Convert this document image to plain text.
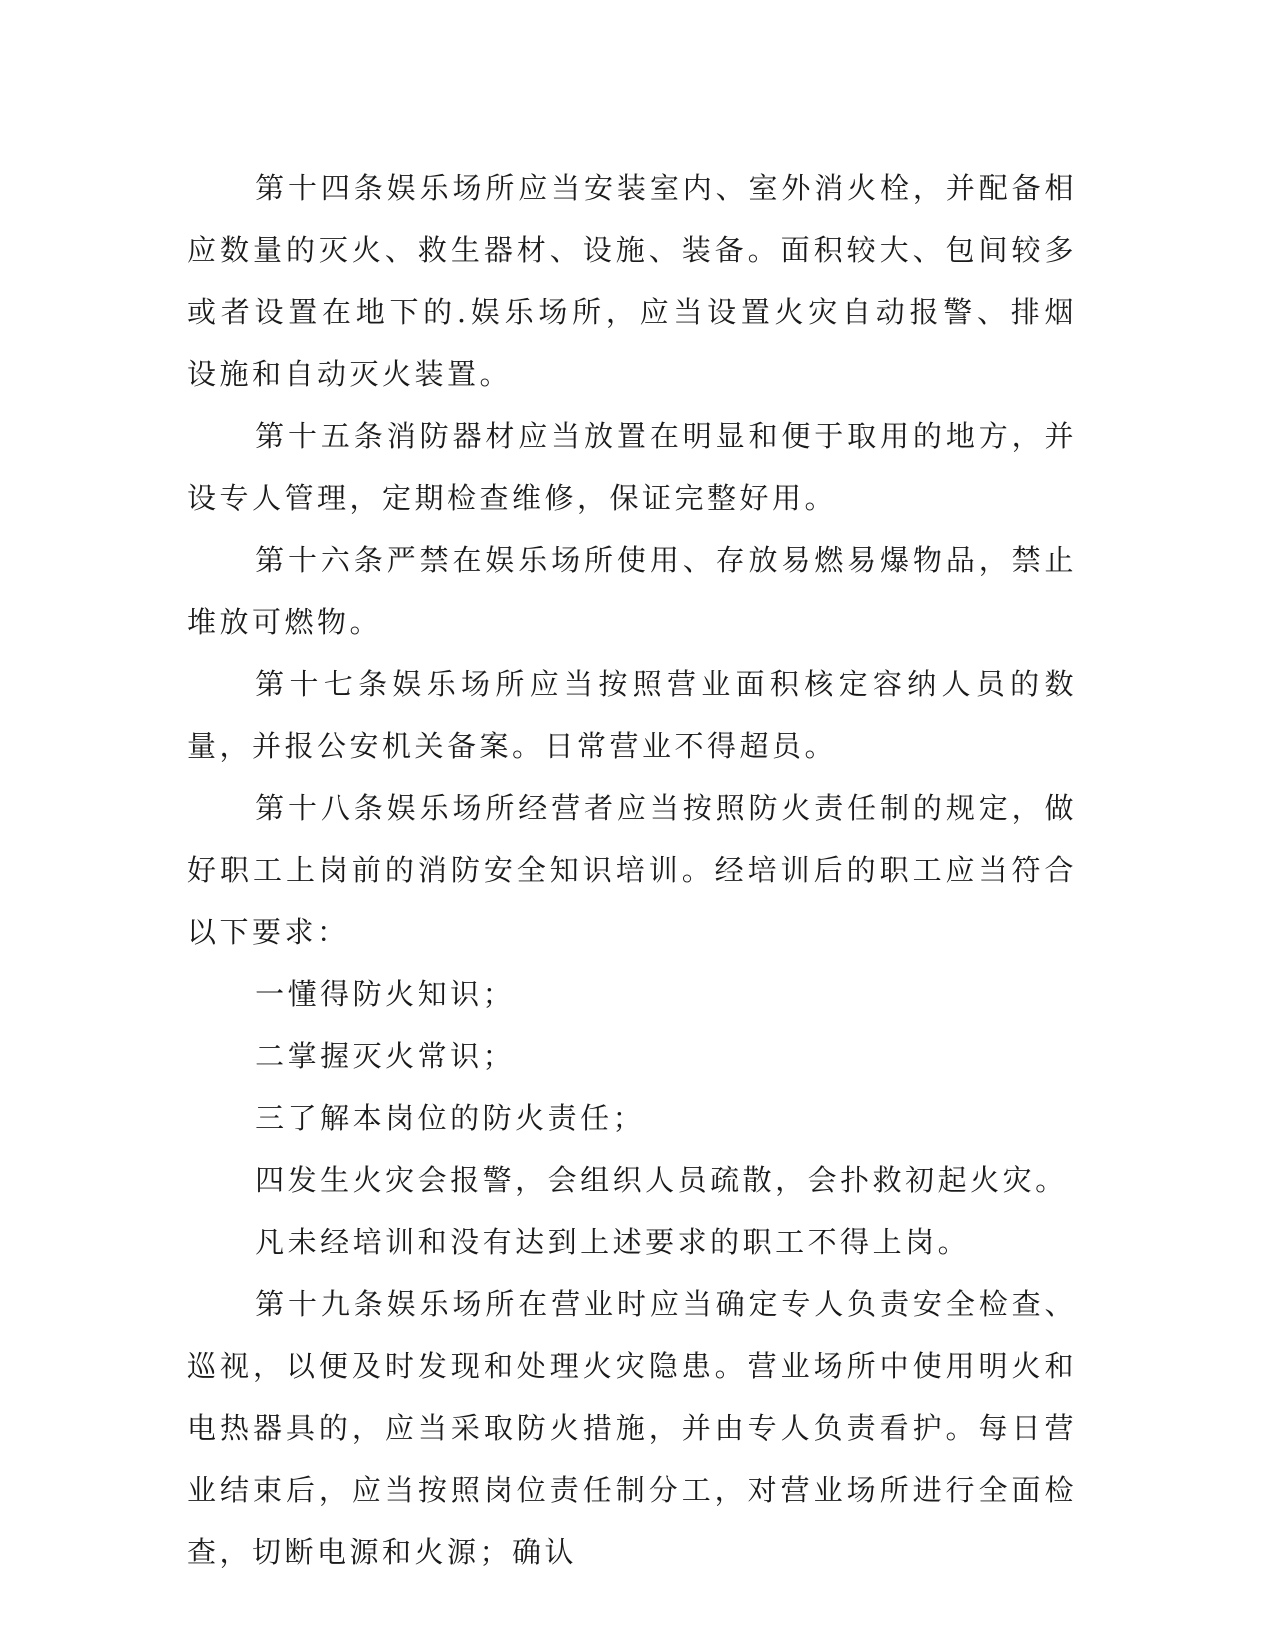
第十四条娱乐场所应当安装室内、室外消火栓，并配备相应数量的灭火、救生器材、设施、装备。面积较大、包间较多或者设置在地下的.娱乐场所，应当设置火灾自动报警、排烟设施和自动灭火装置。

第十五条消防器材应当放置在明显和便于取用的地方，并设专人管理，定期检查维修，保证完整好用。

第十六条严禁在娱乐场所使用、存放易燃易爆物品，禁止堆放可燃物。

第十七条娱乐场所应当按照营业面积核定容纳人员的数量，并报公安机关备案。日常营业不得超员。

第十八条娱乐场所经营者应当按照防火责任制的规定，做好职工上岗前的消防安全知识培训。经培训后的职工应当符合以下要求：

一懂得防火知识；

二掌握灭火常识；

三了解本岗位的防火责任；

四发生火灾会报警，会组织人员疏散，会扑救初起火灾。

凡未经培训和没有达到上述要求的职工不得上岗。

第十九条娱乐场所在营业时应当确定专人负责安全检查、巡视，以便及时发现和处理火灾隐患。营业场所中使用明火和电热器具的，应当采取防火措施，并由专人负责看护。每日营业结束后，应当按照岗位责任制分工，对营业场所进行全面检查，切断电源和火源；确认
